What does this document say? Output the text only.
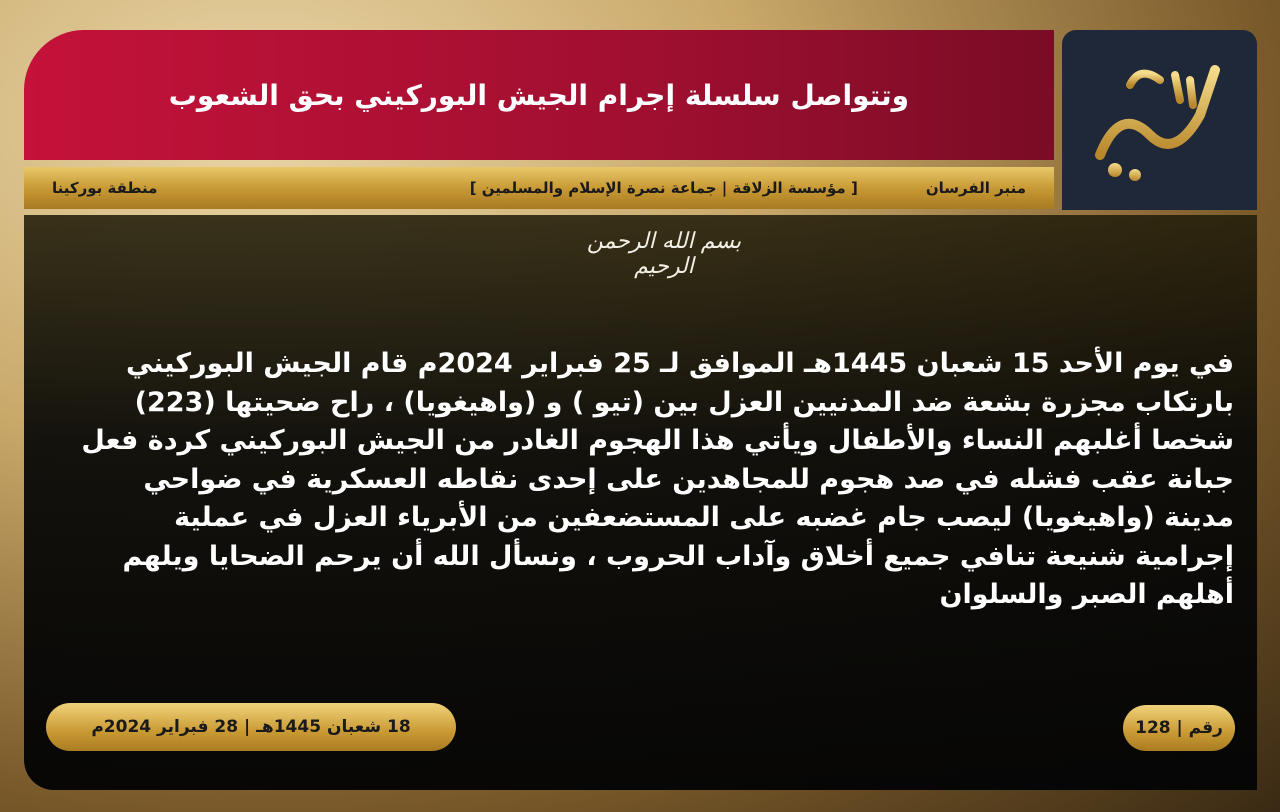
وتتواصل سلسلة إجرام الجيش البوركيني بحق الشعوب
منبر الفرسان
[ مؤسسة الزلاقة | جماعة نصرة الإسلام والمسلمين ]
منطقة بوركينا
بسم الله الرحمن الرحيم

في يوم الأحد 15 شعبان 1445هـ الموافق لـ 25 فبراير 2024م قام الجيش البوركيني

بارتكاب مجزرة بشعة ضد المدنيين العزل بين (تيو ) و (واهيغويا) ، راح ضحيتها (223)

شخصا أغلبهم النساء والأطفال ويأتي هذا الهجوم الغادر من الجيش البوركيني كردة فعل

جبانة عقب فشله في صد هجوم للمجاهدين على إحدى نقاطه العسكرية في ضواحي

مدينة (واهيغويا) ليصب جام غضبه على المستضعفين من الأبرياء العزل في عملية

إجرامية شنيعة تنافي جميع أخلاق وآداب الحروب ، ونسأل الله أن يرحم الضحايا ويلهم

أهلهم الصبر والسلوان

18 شعبان 1445هـ | 28 فبراير 2024م	رقم | 128
